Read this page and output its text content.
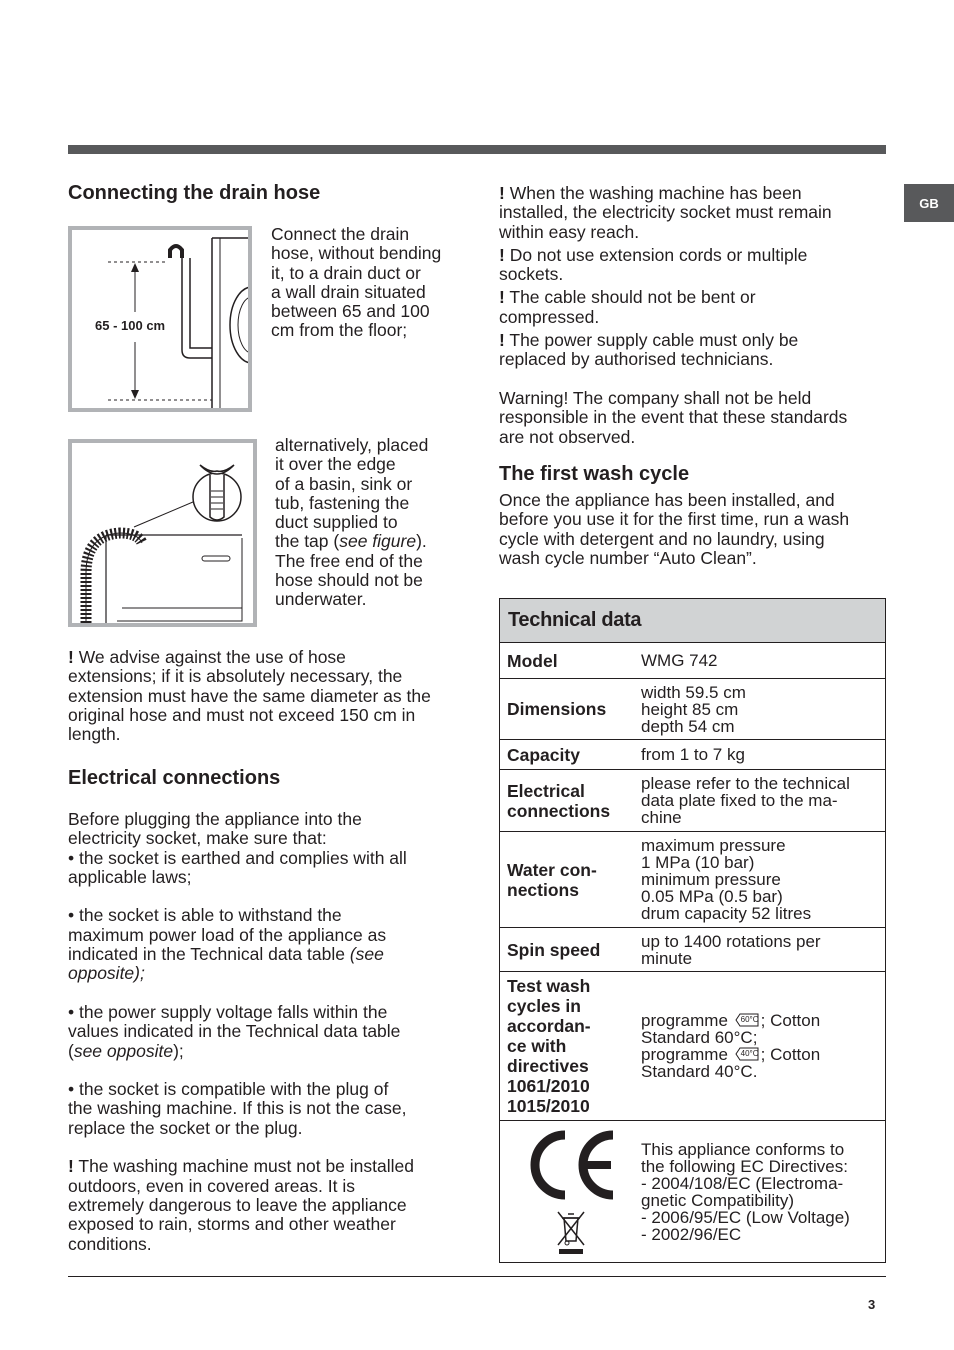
GB
Connecting the drain hose
65 - 100 cm
Connect the drain
hose, without bending
it, to a drain duct or
a wall drain situated
between 65 and 100
cm from the floor;
alternatively, placed
it over the edge
of a basin, sink or
tub, fastening the
duct supplied to
the tap (see figure).
The free end of the
hose should not be
underwater.
! We advise against the use of hose
extensions; if it is absolutely necessary, the
extension must have the same diameter as the
original hose and must not exceed 150 cm in
length.
Electrical connections
Before plugging the appliance into the
electricity socket, make sure that:
• the socket is earthed and complies with all
applicable laws;
• the socket is able to withstand the
maximum power load of the appliance as
indicated in the Technical data table (see
opposite);
• the power supply voltage falls within the
values indicated in the Technical data table
(see opposite);
• the socket is compatible with the plug of
the washing machine. If this is not the case,
replace the socket or the plug.
! The washing machine must not be installed
outdoors, even in covered areas. It is
extremely dangerous to leave the appliance
exposed to rain, storms and other weather
conditions.
! When the washing machine has been
installed, the electricity socket must remain
within easy reach.
! Do not use extension cords or multiple
sockets.
! The cable should not be bent or
compressed.
! The power supply cable must only be
replaced by authorised technicians.
Warning! The company shall not be held
responsible in the event that these standards
are not observed.
The first wash cycle
Once the appliance has been installed, and
before you use it for the first time, run a wash
cycle with detergent and no laundry, using
wash cycle number “Auto Clean”.
Technical data
Model	WMG 742
Dimensions
width 59.5 cm
height 85 cm
depth 54 cm
Capacity	from 1 to 7 kg
Electrical
connections
please refer to the technical
data plate fixed to the ma-
chine
Water con-
nections
maximum pressure
1 MPa (10 bar)
minimum pressure
0.05 MPa (0.5 bar)
drum capacity 52 litres
Spin speed up to 1400 rotations per
minute
Test wash
cycles in
accordan-
ce with
directives
1061/2010
1015/2010
programme 60°C ; Cotton
Standard 60°C;
programme 40°C ; Cotton
Standard 40°C.
This appliance conforms to
the following EC Directives:
- 2004/108/EC (Electroma-
gnetic Compatibility)
- 2006/95/EC (Low Voltage)
- 2002/96/EC
3
